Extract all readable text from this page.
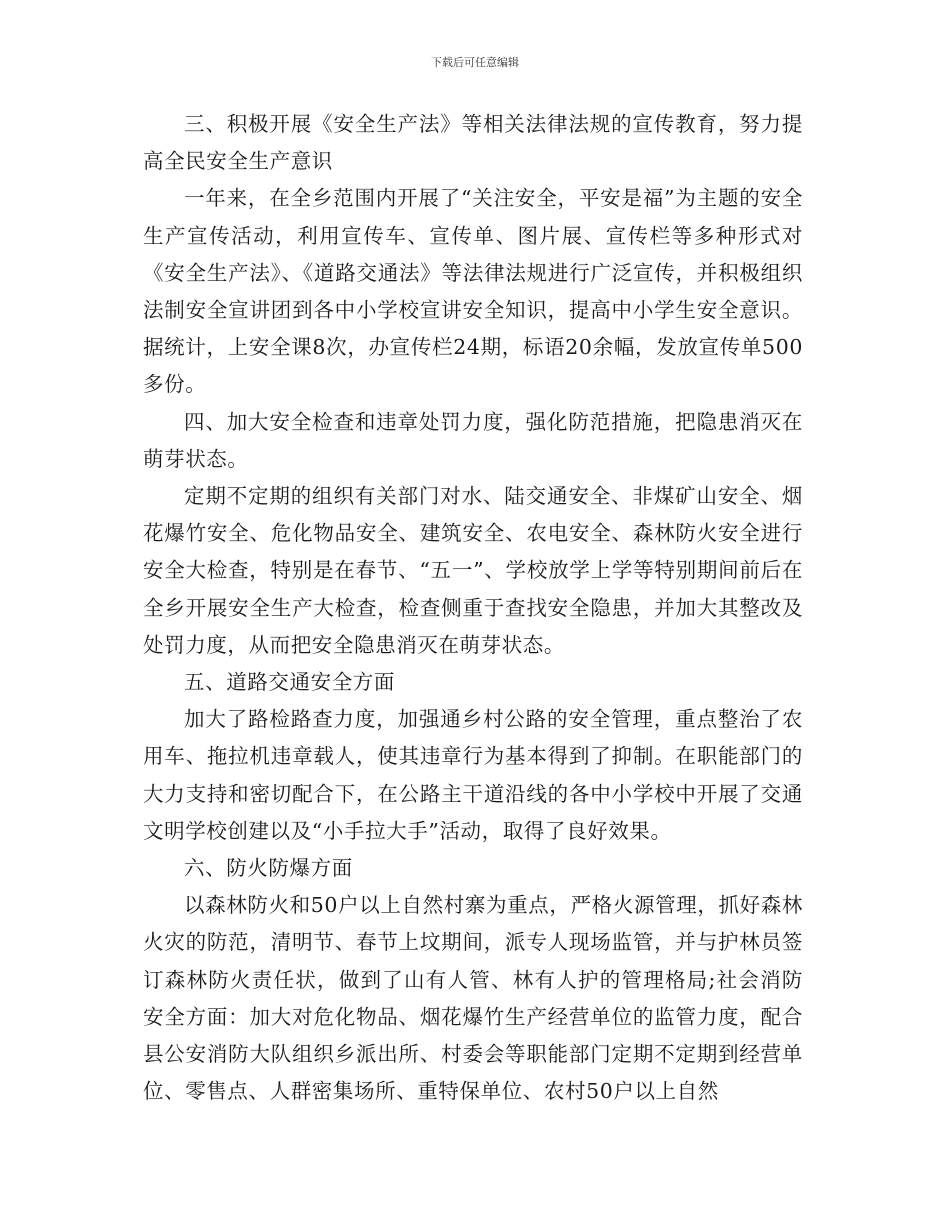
下载后可任意编辑

三、积极开展《安全生产法》等相关法律法规的宣传教育，努力提高全民安全生产意识

一年来，在全乡范围内开展了“关注安全，平安是福”为主题的安全生产宣传活动，利用宣传车、宣传单、图片展、宣传栏等多种形式对《安全生产法》、《道路交通法》等法律法规进行广泛宣传，并积极组织法制安全宣讲团到各中小学校宣讲安全知识，提高中小学生安全意识。据统计，上安全课8次，办宣传栏24期，标语20余幅，发放宣传单500多份。

四、加大安全检查和违章处罚力度，强化防范措施，把隐患消灭在萌芽状态。

定期不定期的组织有关部门对水、陆交通安全、非煤矿山安全、烟花爆竹安全、危化物品安全、建筑安全、农电安全、森林防火安全进行安全大检查，特别是在春节、“五一”、学校放学上学等特别期间前后在全乡开展安全生产大检查，检查侧重于查找安全隐患，并加大其整改及处罚力度，从而把安全隐患消灭在萌芽状态。

五、道路交通安全方面

加大了路检路查力度，加强通乡村公路的安全管理，重点整治了农用车、拖拉机违章载人，使其违章行为基本得到了抑制。在职能部门的大力支持和密切配合下，在公路主干道沿线的各中小学校中开展了交通文明学校创建以及“小手拉大手”活动，取得了良好效果。

六、防火防爆方面

以森林防火和50户以上自然村寨为重点，严格火源管理，抓好森林火灾的防范，清明节、春节上坟期间，派专人现场监管，并与护林员签订森林防火责任状，做到了山有人管、林有人护的管理格局;社会消防安全方面：加大对危化物品、烟花爆竹生产经营单位的监管力度，配合县公安消防大队组织乡派出所、村委会等职能部门定期不定期到经营单位、零售点、人群密集场所、重特保单位、农村50户以上自然
